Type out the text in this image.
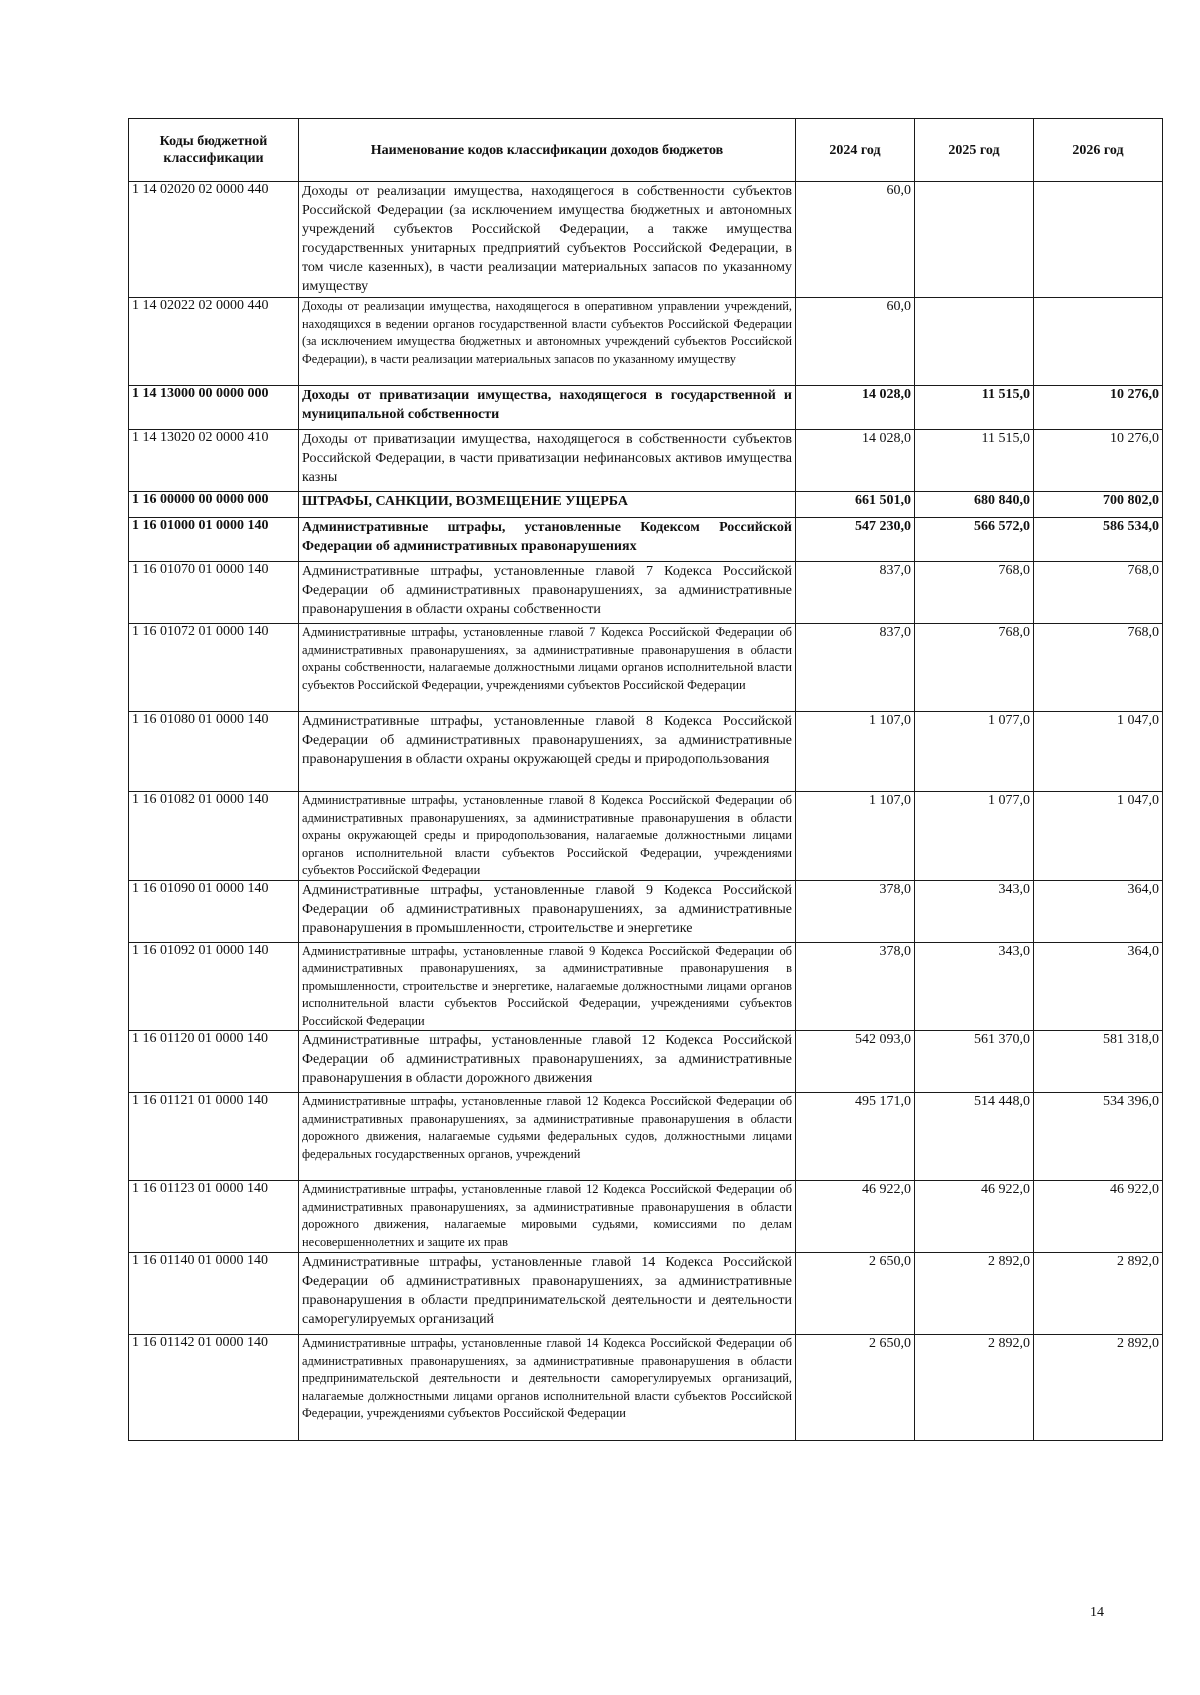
Коды бюджетной классификации	Наименование кодов классификации доходов бюджетов	2024 год	2025 год	2026 год
1 14 02020 02 0000 440	Доходы от реализации имущества, находящегося в собственности субъектов Российской Федерации (за исключением имущества бюджетных и автономных учреждений субъектов Российской Федерации, а также имущества государственных унитарных предприятий субъектов Российской Федерации, в том числе казенных), в части реализации материальных запасов по указанному имуществу	60,0		
1 14 02022 02 0000 440	Доходы от реализации имущества, находящегося в оперативном управлении учреждений, находящихся в ведении органов государственной власти субъектов Российской Федерации (за исключением имущества бюджетных и автономных учреждений субъектов Российской Федерации), в части реализации материальных запасов по указанному имуществу	60,0		
1 14 13000 00 0000 000	Доходы от приватизации имущества, находящегося в государственной и муниципальной собственности	14 028,0	11 515,0	10 276,0
1 14 13020 02 0000 410	Доходы от приватизации имущества, находящегося в собственности субъектов Российской Федерации, в части приватизации нефинансовых активов имущества казны	14 028,0	11 515,0	10 276,0
1 16 00000 00 0000 000	ШТРАФЫ, САНКЦИИ, ВОЗМЕЩЕНИЕ УЩЕРБА	661 501,0	680 840,0	700 802,0
1 16 01000 01 0000 140	Административные штрафы, установленные Кодексом Российской Федерации об административных правонарушениях	547 230,0	566 572,0	586 534,0
1 16 01070 01 0000 140	Административные штрафы, установленные главой 7 Кодекса Российской Федерации об административных правонарушениях, за административные правонарушения в области охраны собственности	837,0	768,0	768,0
1 16 01072 01 0000 140	Административные штрафы, установленные главой 7 Кодекса Российской Федерации об административных правонарушениях, за административные правонарушения в области охраны собственности, налагаемые должностными лицами органов исполнительной власти субъектов Российской Федерации, учреждениями субъектов Российской Федерации	837,0	768,0	768,0
1 16 01080 01 0000 140	Административные штрафы, установленные главой 8 Кодекса Российской Федерации об административных правонарушениях, за административные правонарушения в области охраны окружающей среды и природопользования	1 107,0	1 077,0	1 047,0
1 16 01082 01 0000 140	Административные штрафы, установленные главой 8 Кодекса Российской Федерации об административных правонарушениях, за административные правонарушения в области охраны окружающей среды и природопользования, налагаемые должностными лицами органов исполнительной власти субъектов Российской Федерации, учреждениями субъектов Российской Федерации	1 107,0	1 077,0	1 047,0
1 16 01090 01 0000 140	Административные штрафы, установленные главой 9 Кодекса Российской Федерации об административных правонарушениях, за административные правонарушения в промышленности, строительстве и энергетике	378,0	343,0	364,0
1 16 01092 01 0000 140	Административные штрафы, установленные главой 9 Кодекса Российской Федерации об административных правонарушениях, за административные правонарушения в промышленности, строительстве и энергетике, налагаемые должностными лицами органов исполнительной власти субъектов Российской Федерации, учреждениями субъектов Российской Федерации	378,0	343,0	364,0
1 16 01120 01 0000 140	Административные штрафы, установленные главой 12 Кодекса Российской Федерации об административных правонарушениях, за административные правонарушения в области дорожного движения	542 093,0	561 370,0	581 318,0
1 16 01121 01 0000 140	Административные штрафы, установленные главой 12 Кодекса Российской Федерации об административных правонарушениях, за административные правонарушения в области дорожного движения, налагаемые судьями федеральных судов, должностными лицами федеральных государственных органов, учреждений	495 171,0	514 448,0	534 396,0
1 16 01123 01 0000 140	Административные штрафы, установленные главой 12 Кодекса Российской Федерации об административных правонарушениях, за административные правонарушения в области дорожного движения, налагаемые мировыми судьями, комиссиями по делам несовершеннолетних и защите их прав	46 922,0	46 922,0	46 922,0
1 16 01140 01 0000 140	Административные штрафы, установленные главой 14 Кодекса Российской Федерации об административных правонарушениях, за административные правонарушения в области предпринимательской деятельности и деятельности саморегулируемых организаций	2 650,0	2 892,0	2 892,0
1 16 01142 01 0000 140	Административные штрафы, установленные главой 14 Кодекса Российской Федерации об административных правонарушениях, за административные правонарушения в области предпринимательской деятельности и деятельности саморегулируемых организаций, налагаемые должностными лицами органов исполнительной власти субъектов Российской Федерации, учреждениями субъектов Российской Федерации	2 650,0	2 892,0	2 892,0
14
